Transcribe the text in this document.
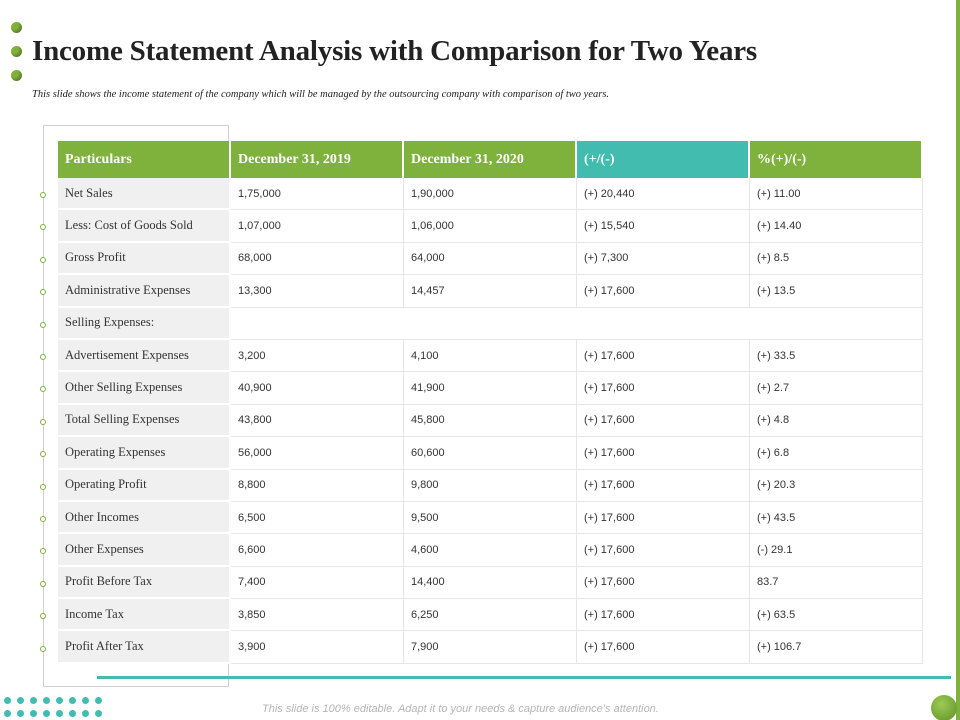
Income Statement Analysis with Comparison for Two Years

This slide shows the income statement of the company which will be managed by the outsourcing company with comparison of two years.

Particulars	December 31, 2019	December 31, 2020	(+/(-)	%(+)/(-)
Net Sales	1,75,000	1,90,000	(+) 20,440	(+) 11.00
Less: Cost of Goods Sold	1,07,000	1,06,000	(+) 15,540	(+) 14.40
Gross Profit	68,000	64,000	(+) 7,300	(+) 8.5
Administrative Expenses	13,300	14,457	(+) 17,600	(+) 13.5
Selling Expenses:				
Advertisement Expenses	3,200	4,100	(+) 17,600	(+) 33.5
Other Selling Expenses	40,900	41,900	(+) 17,600	(+) 2.7
Total Selling Expenses	43,800	45,800	(+) 17,600	(+) 4.8
Operating Expenses	56,000	60,600	(+) 17,600	(+) 6.8
Operating Profit	8,800	9,800	(+) 17,600	(+) 20.3
Other Incomes	6,500	9,500	(+) 17,600	(+) 43.5
Other Expenses	6,600	4,600	(+) 17,600	(-) 29.1
Profit Before Tax	7,400	14,400	(+) 17,600	83.7
Income Tax	3,850	6,250	(+) 17,600	(+) 63.5
Profit After Tax	3,900	7,900	(+) 17,600	(+) 106.7

This slide is 100% editable. Adapt it to your needs & capture audience’s attention.
